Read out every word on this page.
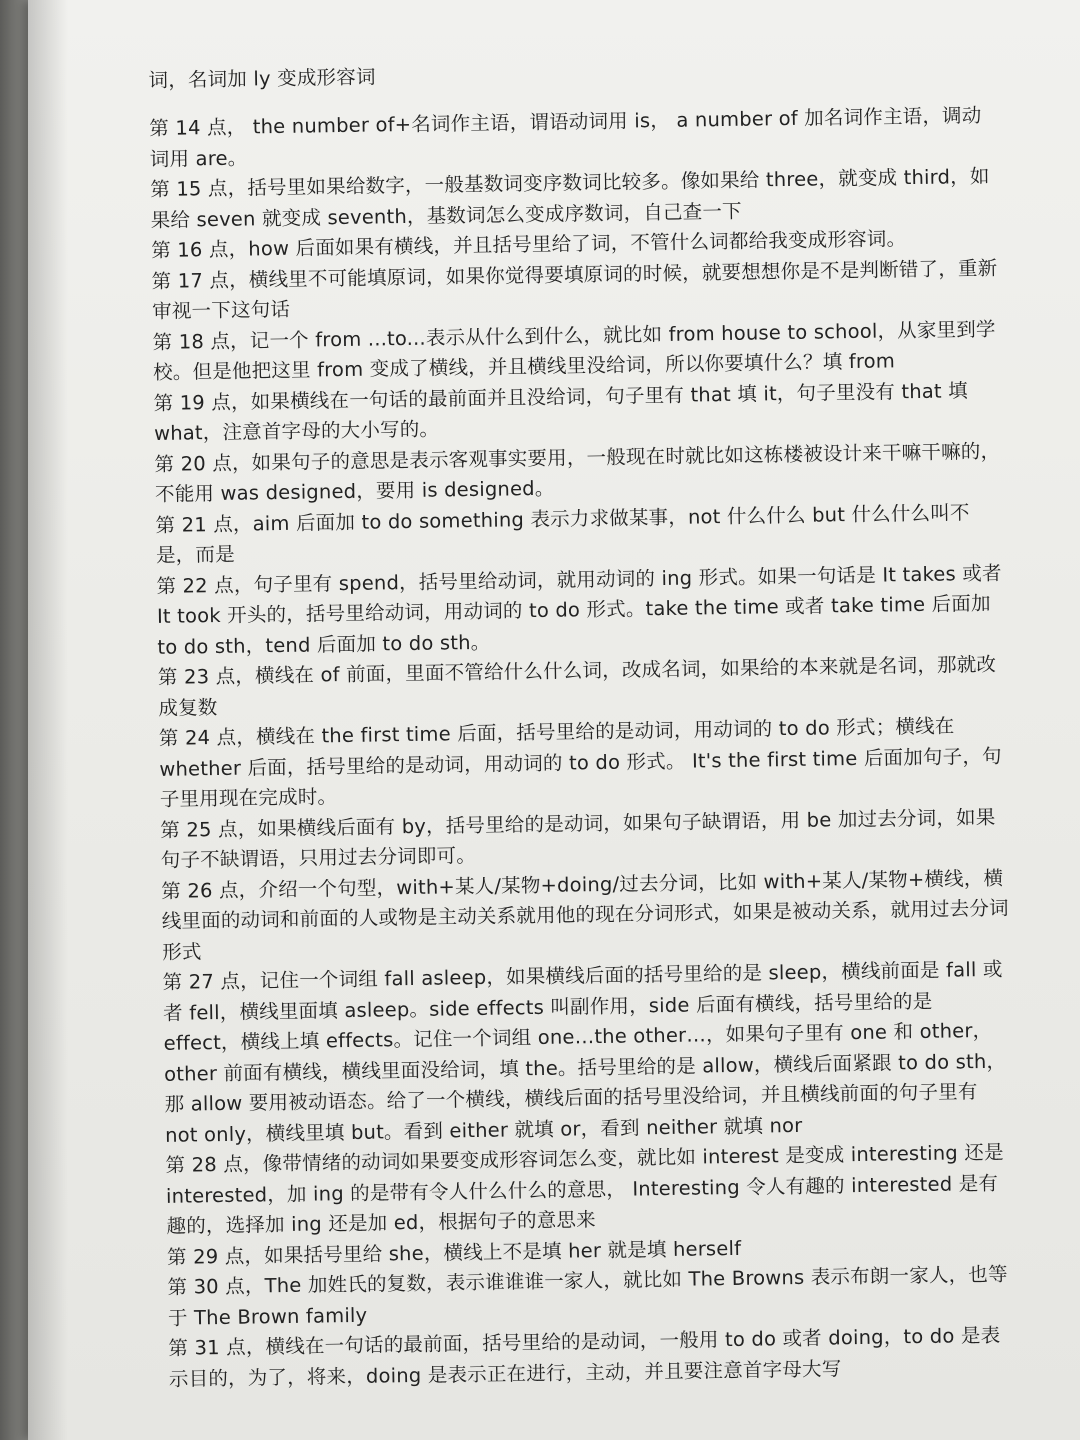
词，名词加 ly 变成形容词

第 14 点， the number of+名词作主语，谓语动词用 is， a number of 加名词作主语，调动词用 are。

第 15 点，括号里如果给数字，一般基数词变序数词比较多。像如果给 three，就变成 third，如果给 seven 就变成 seventh，基数词怎么变成序数词，自己查一下

第 16 点，how 后面如果有横线，并且括号里给了词，不管什么词都给我变成形容词。

第 17 点，横线里不可能填原词，如果你觉得要填原词的时候，就要想想你是不是判断错了，重新审视一下这句话

第 18 点，记一个 from ...to...表示从什么到什么，就比如 from house to school，从家里到学校。但是他把这里 from 变成了横线，并且横线里没给词，所以你要填什么？填 from

第 19 点，如果横线在一句话的最前面并且没给词，句子里有 that 填 it，句子里没有 that 填 what，注意首字母的大小写的。

第 20 点，如果句子的意思是表示客观事实要用，一般现在时就比如这栋楼被设计来干嘛干嘛的，不能用 was designed，要用 is designed。

第 21 点，aim 后面加 to do something 表示力求做某事，not 什么什么 but 什么什么叫不是，而是

第 22 点，句子里有 spend，括号里给动词，就用动词的 ing 形式。如果一句话是 It takes 或者 It took 开头的，括号里给动词，用动词的 to do 形式。take the time 或者 take time 后面加 to do sth，tend 后面加 to do sth。

第 23 点，横线在 of 前面，里面不管给什么什么词，改成名词，如果给的本来就是名词，那就改成复数

第 24 点，横线在 the first time 后面，括号里给的是动词，用动词的 to do 形式；横线在 whether 后面，括号里给的是动词，用动词的 to do 形式。 It's the first time 后面加句子，句子里用现在完成时。

第 25 点，如果横线后面有 by，括号里给的是动词，如果句子缺谓语，用 be 加过去分词，如果句子不缺谓语，只用过去分词即可。

第 26 点，介绍一个句型，with+某人/某物+doing/过去分词，比如 with+某人/某物+横线，横线里面的动词和前面的人或物是主动关系就用他的现在分词形式，如果是被动关系，就用过去分词形式

第 27 点，记住一个词组 fall asleep，如果横线后面的括号里给的是 sleep，横线前面是 fall 或者 fell，横线里面填 asleep。side effects 叫副作用，side 后面有横线，括号里给的是 effect，横线上填 effects。记住一个词组 one…the other…，如果句子里有 one 和 other，other 前面有横线，横线里面没给词，填 the。括号里给的是 allow，横线后面紧跟 to do sth，那 allow 要用被动语态。给了一个横线，横线后面的括号里没给词，并且横线前面的句子里有 not only，横线里填 but。看到 either 就填 or，看到 neither 就填 nor

第 28 点，像带情绪的动词如果要变成形容词怎么变，就比如 interest 是变成 interesting 还是 interested，加 ing 的是带有令人什么什么的意思， Interesting 令人有趣的 interested 是有趣的，选择加 ing 还是加 ed，根据句子的意思来

第 29 点，如果括号里给 she，横线上不是填 her 就是填 herself

第 30 点，The 加姓氏的复数，表示谁谁谁一家人，就比如 The Browns 表示布朗一家人，也等于 The Brown family

第 31 点，横线在一句话的最前面，括号里给的是动词，一般用 to do 或者 doing，to do 是表示目的，为了，将来，doing 是表示正在进行，主动，并且要注意首字母大写
